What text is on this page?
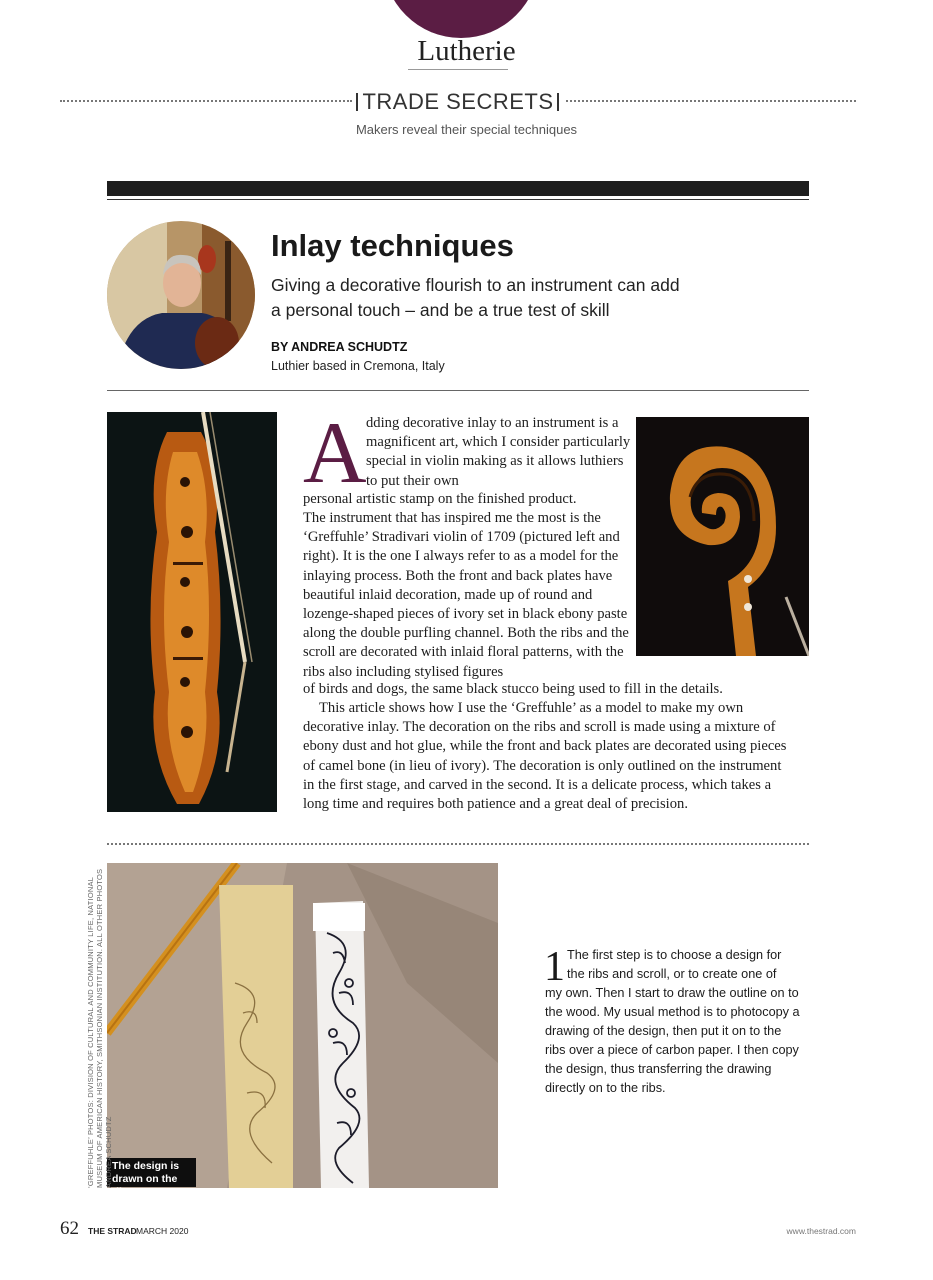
Lutherie
TRADE SECRETS
Makers reveal their special techniques
Inlay techniques
Giving a decorative flourish to an instrument can add a personal touch – and be a true test of skill
BY ANDREA SCHUDTZ
Luthier based in Cremona, Italy
A dding decorative inlay to an instrument is a magnificent art, which I consider particularly special in violin making as it allows luthiers to put their own
personal artistic stamp on the finished product.
The instrument that has inspired me the most is the ‘Greffuhle’ Stradivari violin of 1709 (pictured left and right). It is the one I always refer to as a model for the inlaying process. Both the front and back plates have beautiful inlaid decoration, made up of round and lozenge-shaped pieces of ivory set in black ebony paste along the double purfling channel. Both the ribs and the scroll are decorated with inlaid floral patterns, with the ribs also including stylised figures
of birds and dogs, the same black stucco being used to fill in the details.
This article shows how I use the ‘Greffuhle’ as a model to make my own decorative inlay. The decoration on the ribs and scroll is made using a mixture of ebony dust and hot glue, while the front and back plates are decorated using pieces of camel bone (in lieu of ivory). The decoration is only outlined on the instrument in the first stage, and carved in the second. It is a delicate process, which takes a long time and requires both patience and a great deal of precision.
The design is drawn on the ribs
‘GREFFUHLE’ PHOTOS: DIVISION OF CULTURAL AND COMMUNITY LIFE, NATIONAL MUSEUM OF AMERICAN HISTORY, SMITHSONIAN INSTITUTION. ALL OTHER PHOTOS ANDREA SCHUDTZ
1 The first step is to choose a design for the ribs and scroll, or to create one of
my own. Then I start to draw the outline on to the wood. My usual method is to photocopy a drawing of the design, then put it on to the ribs over a piece of carbon paper. I then copy the design, thus transferring the drawing directly on to the ribs.
62 THE STRAD MARCH 2020	www.thestrad.com
